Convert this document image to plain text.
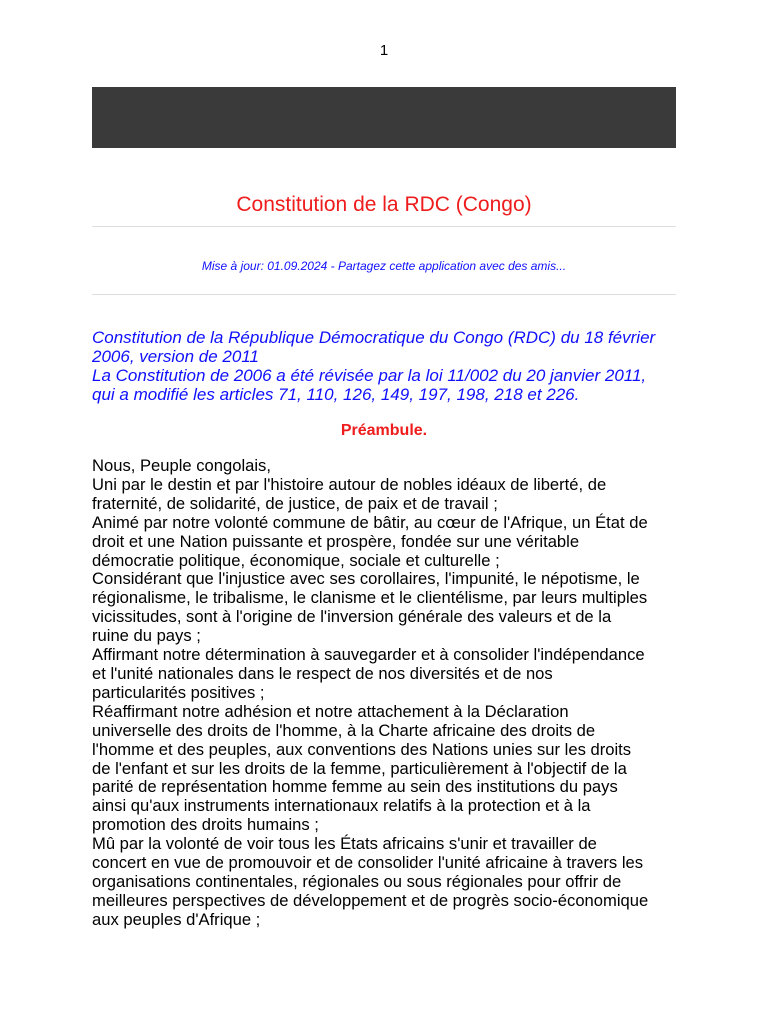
1
Constitution de la RDC (Congo)
Mise à jour: 01.09.2024 - Partagez cette application avec des amis...
Constitution de la République Démocratique du Congo (RDC) du 18 février
2006, version de 2011
La Constitution de 2006 a été révisée par la loi 11/002 du 20 janvier 2011,
qui a modifié les articles 71, 110, 126, 149, 197, 198, 218 et 226.
Préambule.
Nous, Peuple congolais,
Uni par le destin et par l'histoire autour de nobles idéaux de liberté, de
fraternité, de solidarité, de justice, de paix et de travail ;
Animé par notre volonté commune de bâtir, au cœur de l'Afrique, un État de
droit et une Nation puissante et prospère, fondée sur une véritable
démocratie politique, économique, sociale et culturelle ;
Considérant que l'injustice avec ses corollaires, l'impunité, le népotisme, le
régionalisme, le tribalisme, le clanisme et le clientélisme, par leurs multiples
vicissitudes, sont à l'origine de l'inversion générale des valeurs et de la
ruine du pays ;
Affirmant notre détermination à sauvegarder et à consolider l'indépendance
et l'unité nationales dans le respect de nos diversités et de nos
particularités positives ;
Réaffirmant notre adhésion et notre attachement à la Déclaration
universelle des droits de l'homme, à la Charte africaine des droits de
l'homme et des peuples, aux conventions des Nations unies sur les droits
de l'enfant et sur les droits de la femme, particulièrement à l'objectif de la
parité de représentation homme femme au sein des institutions du pays
ainsi qu'aux instruments internationaux relatifs à la protection et à la
promotion des droits humains ;
Mû par la volonté de voir tous les États africains s'unir et travailler de
concert en vue de promouvoir et de consolider l'unité africaine à travers les
organisations continentales, régionales ou sous régionales pour offrir de
meilleures perspectives de développement et de progrès socio-économique
aux peuples d'Afrique ;
